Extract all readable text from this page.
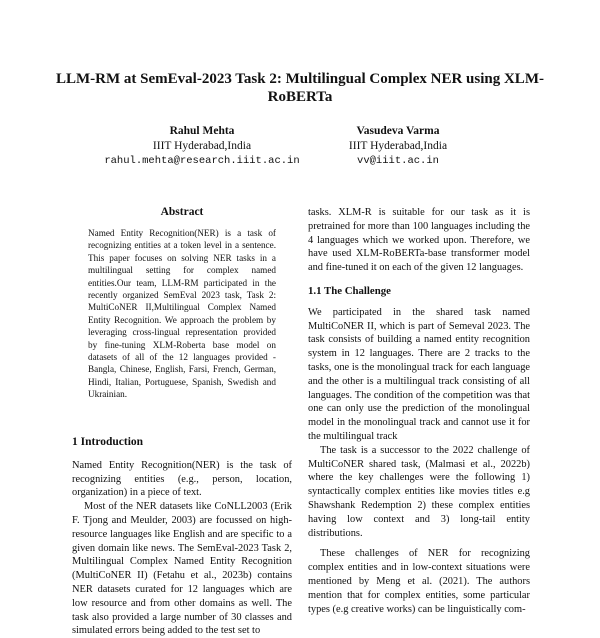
LLM-RM at SemEval-2023 Task 2: Multilingual Complex NER using XLM-RoBERTa
Rahul Mehta
IIIT Hyderabad,India
rahul.mehta@research.iiit.ac.in
Vasudeva Varma
IIIT Hyderabad,India
vv@iiit.ac.in
Abstract
Named Entity Recognition(NER) is a task of recognizing entities at a token level in a sentence. This paper focuses on solving NER tasks in a multilingual setting for complex named entities.Our team, LLM-RM participated in the recently organized SemEval 2023 task, Task 2: MultiCoNER II,Multilingual Complex Named Entity Recognition. We approach the problem by leveraging cross-lingual representation provided by fine-tuning XLM-Roberta base model on datasets of all of the 12 languages provided - Bangla, Chinese, English, Farsi, French, German, Hindi, Italian, Portuguese, Spanish, Swedish and Ukrainian.
1 Introduction

Named Entity Recognition(NER) is the task of recognizing entities (e.g., person, location, organization) in a piece of text.

Most of the NER datasets like CoNLL2003 (Erik F. Tjong and Meulder, 2003) are focussed on high-resource languages like English and are specific to a given domain like news. The SemEval-2023 Task 2, Multilingual Complex Named Entity Recognition (MultiCoNER II) (Fetahu et al., 2023b) contains NER datasets curated for 12 languages which are low resource and from other domains as well. The task also provided a large number of 30 classes and simulated errors being added to the test set to

tasks. XLM-R is suitable for our task as it is pretrained for more than 100 languages including the 4 languages which we worked upon. Therefore, we have used XLM-RoBERTa-base transformer model and fine-tuned it on each of the given 12 languages.

1.1 The Challenge

We participated in the shared task named MultiCoNER II, which is part of Semeval 2023. The task consists of building a named entity recognition system in 12 languages. There are 2 tracks to the tasks, one is the monolingual track for each language and the other is a multilingual track consisting of all languages. The condition of the competition was that one can only use the prediction of the monolingual model in the monolingual track and cannot use it for the multilingual track

The task is a successor to the 2022 challenge of MultiCoNER shared task, (Malmasi et al., 2022b) where the key challenges were the following 1) syntactically complex entities like movies titles e.g Shawshank Redemption 2) these complex entities having low context and 3) long-tail entity distributions.

These challenges of NER for recognizing complex entities and in low-context situations were mentioned by Meng et al. (2021). The authors mention that for complex entities, some particular types (e.g creative works) can be linguistically com-
